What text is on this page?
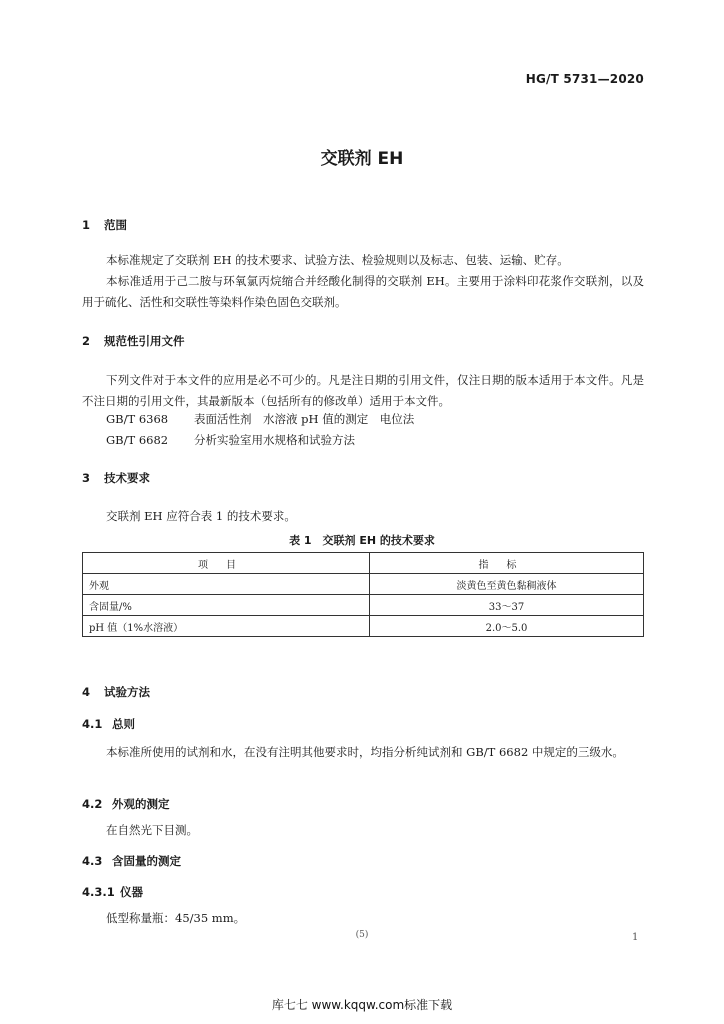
HG/T 5731—2020
交联剂 EH
1 范围
本标准规定了交联剂 EH 的技术要求、试验方法、检验规则以及标志、包装、运输、贮存。
本标准适用于己二胺与环氧氯丙烷缩合并经酸化制得的交联剂 EH。主要用于涂料印花浆作交联剂，以及用于硫化、活性和交联性等染料作染色固色交联剂。
2 规范性引用文件
下列文件对于本文件的应用是必不可少的。凡是注日期的引用文件，仅注日期的版本适用于本文件。凡是不注日期的引用文件，其最新版本（包括所有的修改单）适用于本文件。
GB/T 6368 表面活性剂　水溶液 pH 值的测定　电位法
GB/T 6682 分析实验室用水规格和试验方法
3 技术要求
交联剂 EH 应符合表 1 的技术要求。
表 1　交联剂 EH 的技术要求
项目	指标
外观	淡黄色至黄色黏稠液体
含固量/%	33～37
pH 值（1%水溶液）	2.0～5.0
4 试验方法
4.1 总则
本标准所使用的试剂和水，在没有注明其他要求时，均指分析纯试剂和 GB/T 6682 中规定的三级水。
4.2 外观的测定
在自然光下目测。
4.3 含固量的测定
4.3.1 仪器
低型称量瓶：45/35 mm。
(5)	1
库七七 www.kqqw.com标准下载
